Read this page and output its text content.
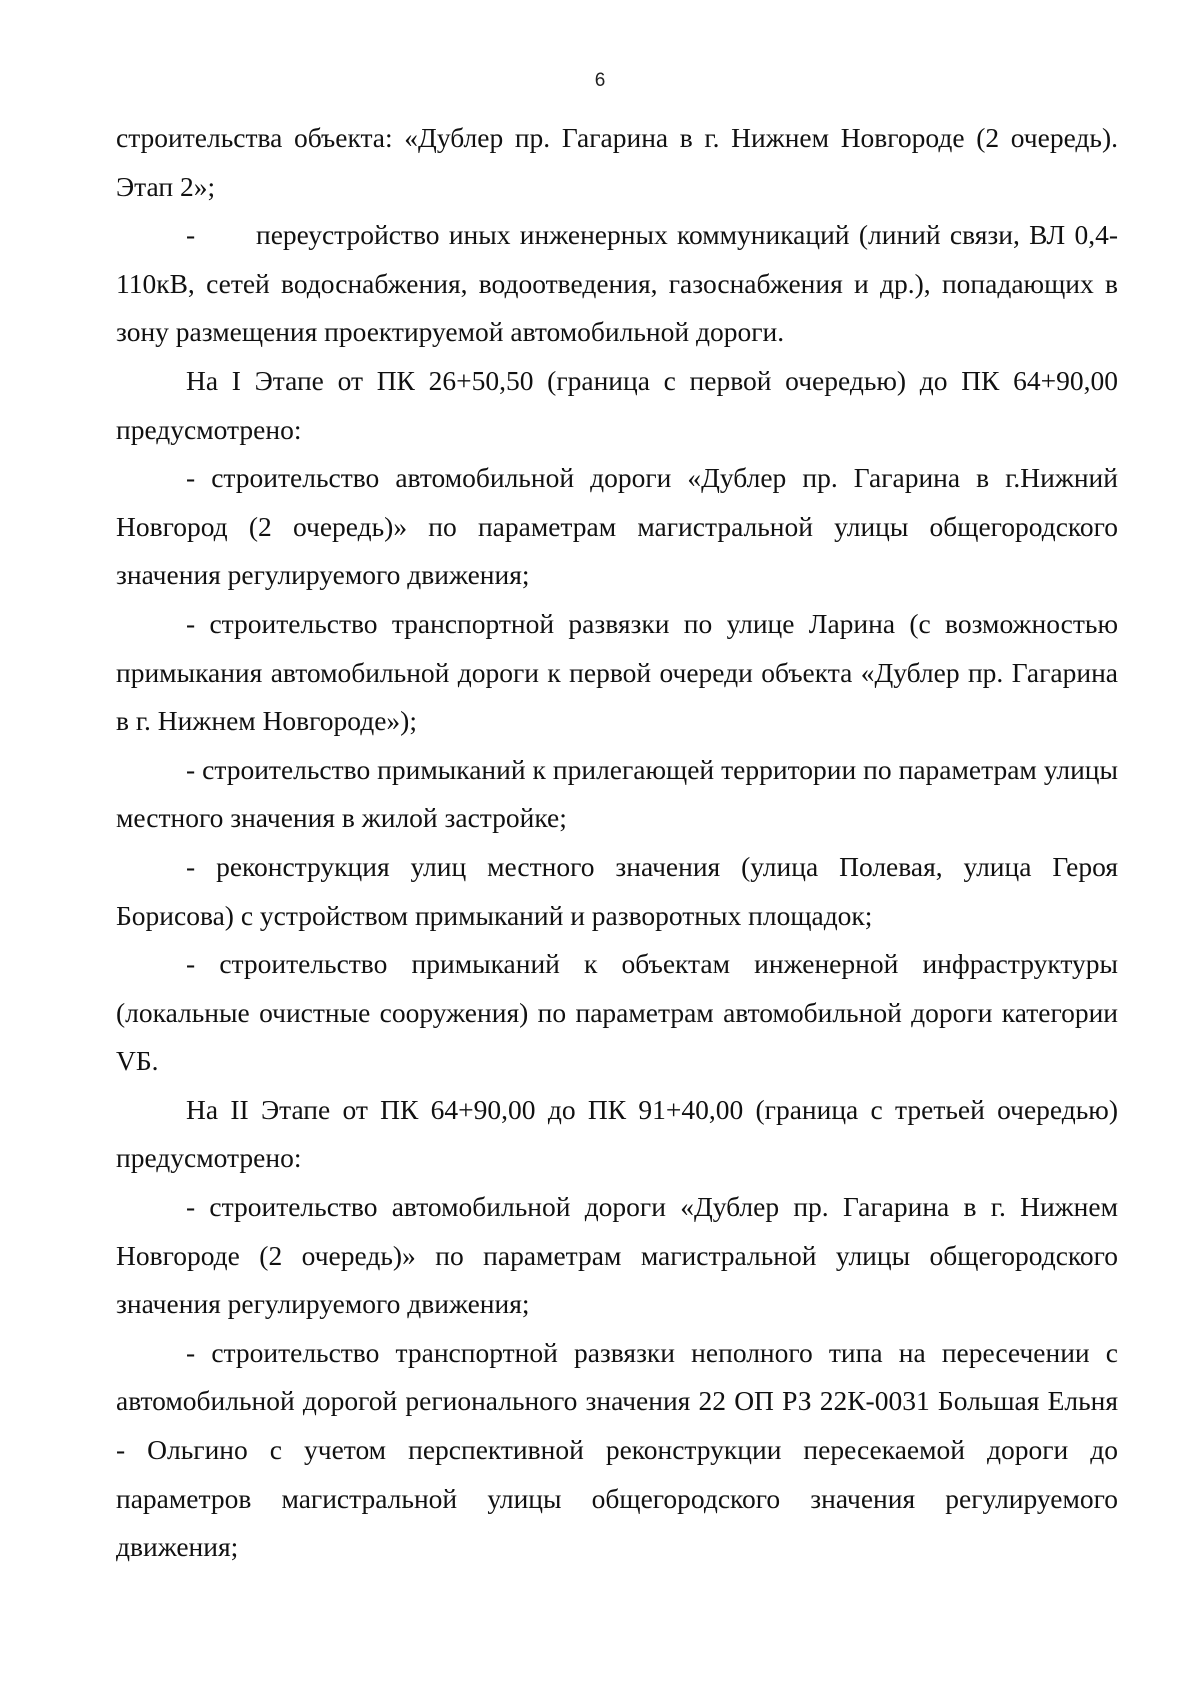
6

строительства объекта: «Дублер пр. Гагарина в г. Нижнем Новгороде (2 очередь). Этап 2»;

- переустройство иных инженерных коммуникаций (линий связи, ВЛ 0,4-110кВ, сетей водоснабжения, водоотведения, газоснабжения и др.), попадающих в зону размещения проектируемой автомобильной дороги.

На I Этапе от ПК 26+50,50 (граница с первой очередью) до ПК 64+90,00 предусмотрено:

- строительство автомобильной дороги «Дублер пр. Гагарина в г.Нижний Новгород (2 очередь)» по параметрам магистральной улицы общегородского значения регулируемого движения;

- строительство транспортной развязки по улице Ларина (с возможностью примыкания автомобильной дороги к первой очереди объекта «Дублер пр. Гагарина в г. Нижнем Новгороде»);

- строительство примыканий к прилегающей территории по параметрам улицы местного значения в жилой застройке;

- реконструкция улиц местного значения (улица Полевая, улица Героя Борисова) с устройством примыканий и разворотных площадок;

- строительство примыканий к объектам инженерной инфраструктуры (локальные очистные сооружения) по параметрам автомобильной дороги категории VБ.

На II Этапе от ПК 64+90,00 до ПК 91+40,00 (граница с третьей очередью) предусмотрено:

- строительство автомобильной дороги «Дублер пр. Гагарина в г. Нижнем Новгороде (2 очередь)» по параметрам магистральной улицы общегородского значения регулируемого движения;

- строительство транспортной развязки неполного типа на пересечении с автомобильной дорогой регионального значения 22 ОП РЗ 22К-0031 Большая Ельня - Ольгино с учетом перспективной реконструкции пересекаемой дороги до параметров магистральной улицы общегородского значения регулируемого движения;
